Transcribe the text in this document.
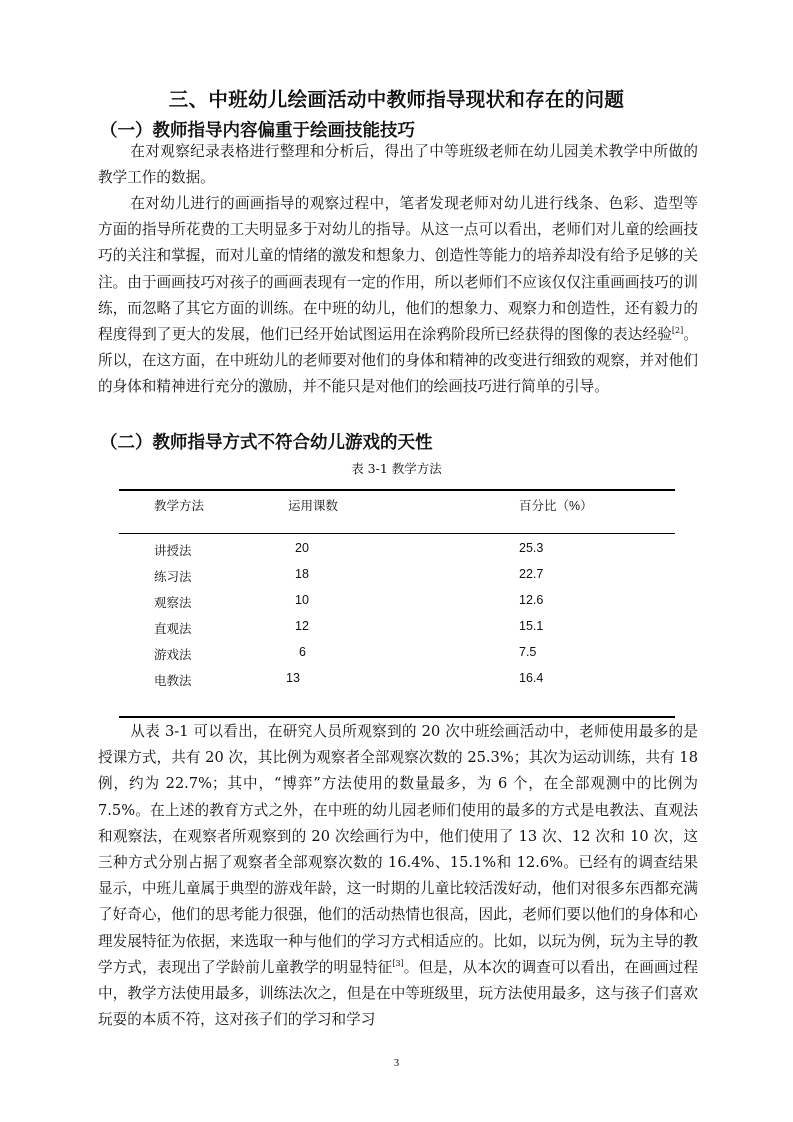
三、中班幼儿绘画活动中教师指导现状和存在的问题
（一）教师指导内容偏重于绘画技能技巧

在对观察纪录表格进行整理和分析后，得出了中等班级老师在幼儿园美术教学中所做的教学工作的数据。

在对幼儿进行的画画指导的观察过程中，笔者发现老师对幼儿进行线条、色彩、造型等方面的指导所花费的工夫明显多于对幼儿的指导。从这一点可以看出，老师们对儿童的绘画技巧的关注和掌握，而对儿童的情绪的激发和想象力、创造性等能力的培养却没有给予足够的关注。由于画画技巧对孩子的画画表现有一定的作用，所以老师们不应该仅仅注重画画技巧的训练，而忽略了其它方面的训练。在中班的幼儿，他们的想象力、观察力和创造性，还有毅力的程度得到了更大的发展，他们已经开始试图运用在涂鸦阶段所已经获得的图像的表达经验[2]。所以，在这方面，在中班幼儿的老师要对他们的身体和精神的改变进行细致的观察，并对他们的身体和精神进行充分的激励，并不能只是对他们的绘画技巧进行简单的引导。

（二）教师指导方式不符合幼儿游戏的天性
表 3-1 教学方法
教学方法	运用课数	百分比（%）
讲授法	20	25.3
练习法	18	22.7
观察法	10	12.6
直观法	12	15.1
游戏法	6	7.5
电教法	13	16.4

从表 3-1 可以看出，在研究人员所观察到的 20 次中班绘画活动中，老师使用最多的是授课方式，共有 20 次，其比例为观察者全部观察次数的 25.3%；其次为运动训练，共有 18 例，约为 22.7%；其中，“博弈”方法使用的数量最多，为 6 个，在全部观测中的比例为 7.5%。在上述的教育方式之外，在中班的幼儿园老师们使用的最多的方式是电教法、直观法和观察法，在观察者所观察到的 20 次绘画行为中，他们使用了 13 次、12 次和 10 次，这三种方式分别占据了观察者全部观察次数的 16.4%、15.1%和 12.6%。已经有的调查结果显示，中班儿童属于典型的游戏年龄，这一时期的儿童比较活泼好动，他们对很多东西都充满了好奇心，他们的思考能力很强，他们的活动热情也很高，因此，老师们要以他们的身体和心理发展特征为依据，来选取一种与他们的学习方式相适应的。比如，以玩为例，玩为主导的教学方式，表现出了学龄前儿童教学的明显特征[3]。但是，从本次的调查可以看出，在画画过程中，教学方法使用最多，训练法次之，但是在中等班级里，玩方法使用最多，这与孩子们喜欢玩耍的本质不符，这对孩子们的学习和学习

3
